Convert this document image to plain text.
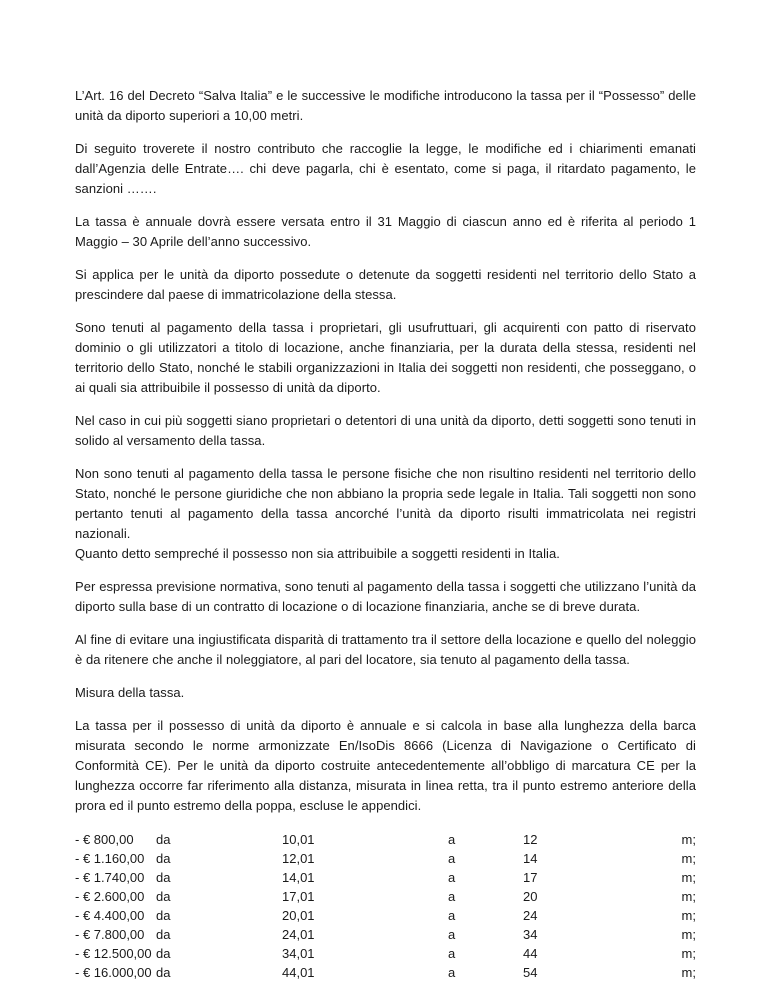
L’Art. 16 del Decreto “Salva Italia” e le successive le modifiche introducono la tassa per il “Possesso” delle unità da diporto superiori a 10,00 metri.

Di seguito troverete il nostro contributo che raccoglie la legge, le modifiche ed i chiarimenti emanati dall’Agenzia delle Entrate…. chi deve pagarla, chi è esentato, come si paga, il ritardato pagamento, le sanzioni …….

La tassa è annuale dovrà essere versata entro il 31 Maggio di ciascun anno ed è riferita al periodo 1 Maggio – 30 Aprile dell’anno successivo.

Si applica per le unità da diporto possedute o detenute da soggetti residenti nel territorio dello Stato a prescindere dal paese di immatricolazione della stessa.

Sono tenuti al pagamento della tassa i proprietari, gli usufruttuari, gli acquirenti con patto di riservato dominio o gli utilizzatori a titolo di locazione, anche finanziaria, per la durata della stessa, residenti nel territorio dello Stato, nonché le stabili organizzazioni in Italia dei soggetti non residenti, che posseggano, o ai quali sia attribuibile il possesso di unità da diporto.

Nel caso in cui più soggetti siano proprietari o detentori di una unità da diporto, detti soggetti sono tenuti in solido al versamento della tassa.

Non sono tenuti al pagamento della tassa le persone fisiche che non risultino residenti nel territorio dello Stato, nonché le persone giuridiche che non abbiano la propria sede legale in Italia. Tali soggetti non sono pertanto tenuti al pagamento della tassa ancorché l’unità da diporto risulti immatricolata nei registri nazionali.
Quanto detto sempreché il possesso non sia attribuibile a soggetti residenti in Italia.

Per espressa previsione normativa, sono tenuti al pagamento della tassa i soggetti che utilizzano l’unità da diporto sulla base di un contratto di locazione o di locazione finanziaria, anche se di breve durata.

Al fine di evitare una ingiustificata disparità di trattamento tra il settore della locazione e quello del noleggio è da ritenere che anche il noleggiatore, al pari del locatore, sia tenuto al pagamento della tassa.

Misura della tassa.

La tassa per il possesso di unità da diporto è annuale e si calcola in base alla lunghezza della barca misurata secondo le norme armonizzate En/IsoDis 8666 (Licenza di Navigazione o Certificato di Conformità CE). Per le unità da diporto costruite antecedentemente all’obbligo di marcatura CE per la lunghezza occorre far riferimento alla distanza, misurata in linea retta, tra il punto estremo anteriore della prora ed il punto estremo della poppa, escluse le appendici.

- € 800,00 da	10,01	a	12	m;
- € 1.160,00 da	12,01	a	14	m;
- € 1.740,00 da	14,01	a	17	m;
- € 2.600,00 da	17,01	a	20	m;
- € 4.400,00 da	20,01	a	24	m;
- € 7.800,00 da	24,01	a	34	m;
- € 12.500,00 da	34,01	a	44	m;
- € 16.000,00 da	44,01	a	54	m;
